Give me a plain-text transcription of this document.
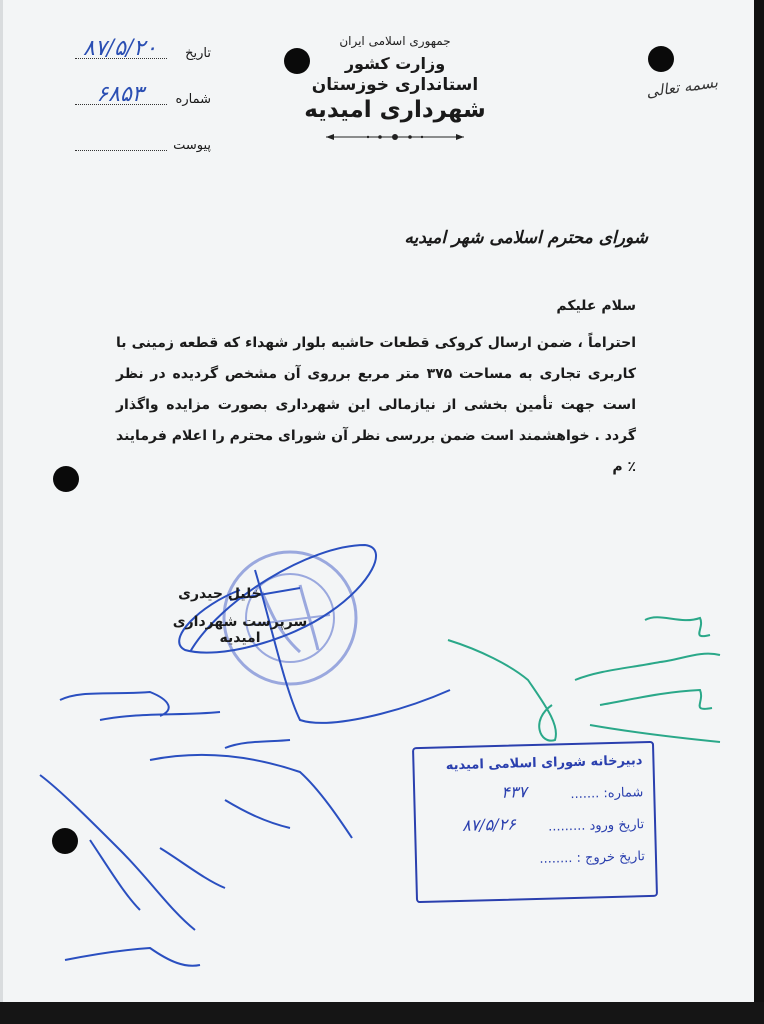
جمهوری اسلامی ایران
وزارت کشور
استانداری خوزستان
شهرداری امیدیه
تاریخ
۸۷/۵/۲۰
شماره
۶۸۵۳
پیوست
بسمه تعالی
شورای محترم اسلامی شهر امیدیه
سلام علیکم
احتراماً ، ضمن ارسال کروکی قطعات حاشیه بلوار شهداء که قطعه زمینی با کاربری تجاری به مساحت ۳۷۵ متر مربع برروی آن مشخص گردیده در نظر است جهت تأمین بخشی از نیازمالی این شهرداری بصورت مزایده واگذار گردد . خواهشمند است ضمن بررسی نظر آن شورای محترم را اعلام فرمایند ٪ م
خلیل حیدری
سرپرست شهرداری امیدیه
دبیرخانه شورای اسلامی امیدیه
شماره: .......
۴۳۷
تاریخ ورود .........
۸۷/۵/۲۶
تاریخ خروج : ........
